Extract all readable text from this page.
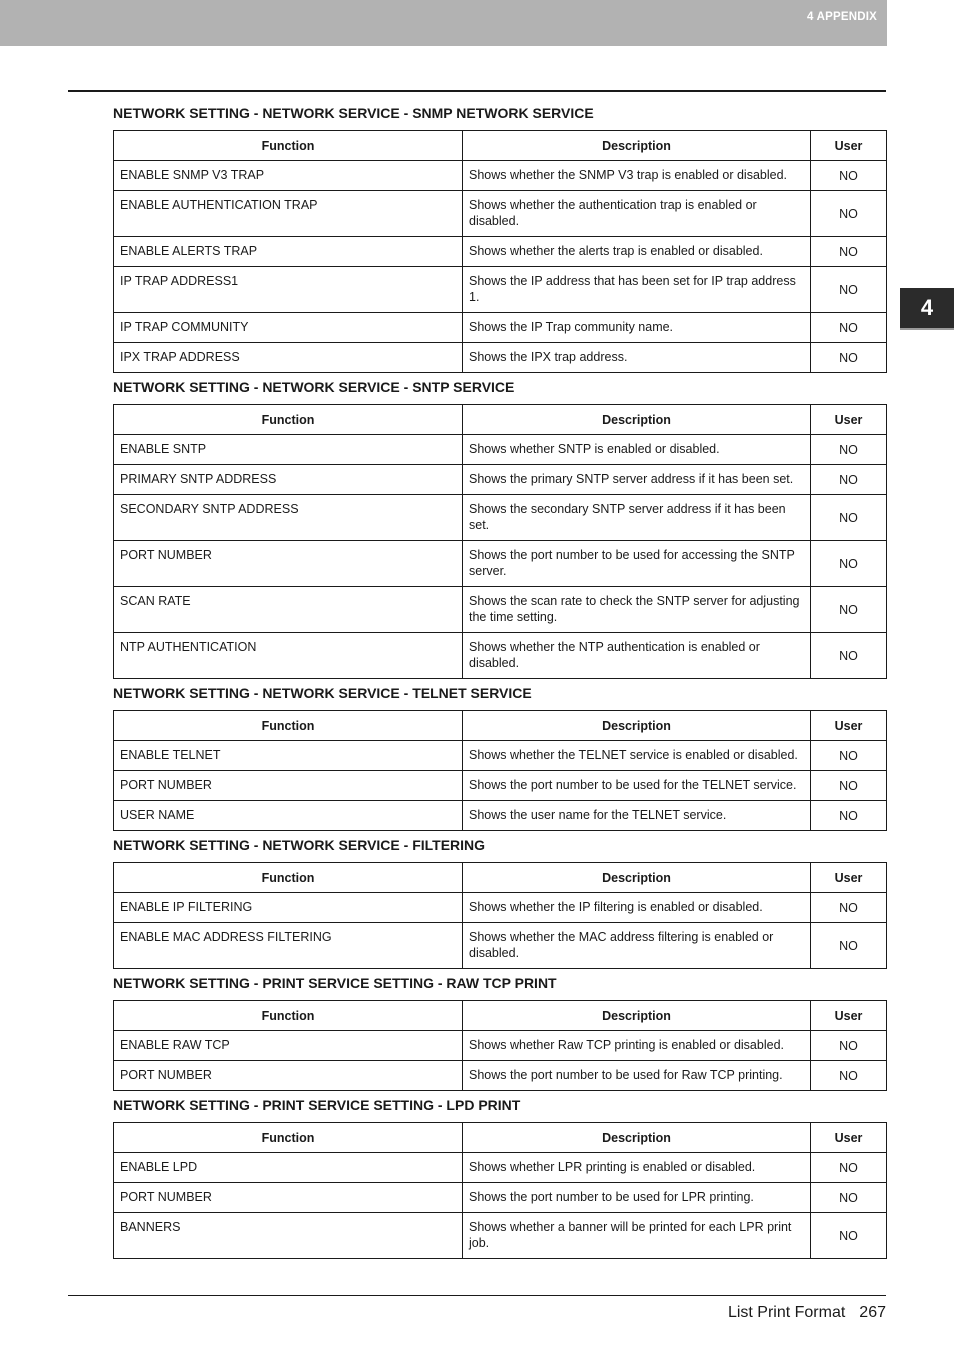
4 APPENDIX
4
NETWORK SETTING - NETWORK SERVICE - SNMP NETWORK SERVICE
Function	Description	User
ENABLE SNMP V3 TRAP	Shows whether the SNMP V3 trap is enabled or disabled.	NO
ENABLE AUTHENTICATION TRAP	Shows whether the authentication trap is enabled or disabled.	NO
ENABLE ALERTS TRAP	Shows whether the alerts trap is enabled or disabled.	NO
IP TRAP ADDRESS1	Shows the IP address that has been set for IP trap address 1.	NO
IP TRAP COMMUNITY	Shows the IP Trap community name.	NO
IPX TRAP ADDRESS	Shows the IPX trap address.	NO
NETWORK SETTING - NETWORK SERVICE - SNTP SERVICE
Function	Description	User
ENABLE SNTP	Shows whether SNTP is enabled or disabled.	NO
PRIMARY SNTP ADDRESS	Shows the primary SNTP server address if it has been set.	NO
SECONDARY SNTP ADDRESS	Shows the secondary SNTP server address if it has been set.	NO
PORT NUMBER	Shows the port number to be used for accessing the SNTP server.	NO
SCAN RATE	Shows the scan rate to check the SNTP server for adjusting the time setting.	NO
NTP AUTHENTICATION	Shows whether the NTP authentication is enabled or disabled.	NO
NETWORK SETTING - NETWORK SERVICE - TELNET SERVICE
Function	Description	User
ENABLE TELNET	Shows whether the TELNET service is enabled or disabled.	NO
PORT NUMBER	Shows the port number to be used for the TELNET service.	NO
USER NAME	Shows the user name for the TELNET service.	NO
NETWORK SETTING - NETWORK SERVICE - FILTERING
Function	Description	User
ENABLE IP FILTERING	Shows whether the IP filtering is enabled or disabled.	NO
ENABLE MAC ADDRESS FILTERING	Shows whether the MAC address filtering is enabled or disabled.	NO
NETWORK SETTING - PRINT SERVICE SETTING - RAW TCP PRINT
Function	Description	User
ENABLE RAW TCP	Shows whether Raw TCP printing is enabled or disabled.	NO
PORT NUMBER	Shows the port number to be used for Raw TCP printing.	NO
NETWORK SETTING - PRINT SERVICE SETTING - LPD PRINT
Function	Description	User
ENABLE LPD	Shows whether LPR printing is enabled or disabled.	NO
PORT NUMBER	Shows the port number to be used for LPR printing.	NO
BANNERS	Shows whether a banner will be printed for each LPR print job.	NO
List Print Format 267
